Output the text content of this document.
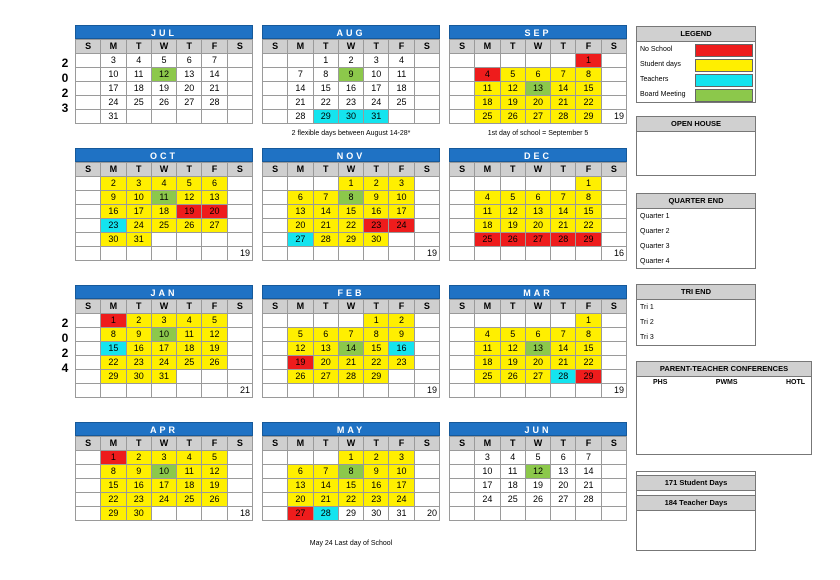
2
0
2
3
2
0
2
4
JUL
S	M	T	W	T	F	S
	3	4	5	6	7	
	10	11	12	13	14	
	17	18	19	20	21	
	24	25	26	27	28	
	31					
AUG
S	M	T	W	T	F	S
		1	2	3	4	
	7	8	9	10	11	
	14	15	16	17	18	
	21	22	23	24	25	
	28	29	30	31		
SEP
S	M	T	W	T	F	S
					1	
	4	5	6	7	8	
	11	12	13	14	15	
	18	19	20	21	22	
	25	26	27	28	29	19
OCT
S	M	T	W	T	F	S
	2	3	4	5	6	
	9	10	11	12	13	
	16	17	18	19	20	
	23	24	25	26	27	
	30	31				
						19
NOV
S	M	T	W	T	F	S
			1	2	3	
	6	7	8	9	10	
	13	14	15	16	17	
	20	21	22	23	24	
	27	28	29	30		
						19
DEC
S	M	T	W	T	F	S
					1	
	4	5	6	7	8	
	11	12	13	14	15	
	18	19	20	21	22	
	25	26	27	28	29	
						16
JAN
S	M	T	W	T	F	S
	1	2	3	4	5	
	8	9	10	11	12	
	15	16	17	18	19	
	22	23	24	25	26	
	29	30	31			
						21
FEB
S	M	T	W	T	F	S
				1	2	
	5	6	7	8	9	
	12	13	14	15	16	
	19	20	21	22	23	
	26	27	28	29		
						19
MAR
S	M	T	W	T	F	S
					1	
	4	5	6	7	8	
	11	12	13	14	15	
	18	19	20	21	22	
	25	26	27	28	29	
						19
APR
S	M	T	W	T	F	S
	1	2	3	4	5	
	8	9	10	11	12	
	15	16	17	18	19	
	22	23	24	25	26	
	29	30				18
MAY
S	M	T	W	T	F	S
			1	2	3	
	6	7	8	9	10	
	13	14	15	16	17	
	20	21	22	23	24	
	27	28	29	30	31	20
JUN
S	M	T	W	T	F	S
	3	4	5	6	7	
	10	11	12	13	14	
	17	18	19	20	21	
	24	25	26	27	28	

2 flexible days between August 14-28*	1st day of school = September 5
May 24 Last day of School
LEGEND
No School
Student days
Teachers
Board Meeting
OPEN HOUSE
QUARTER END
Quarter 1
Quarter 2
Quarter 3
Quarter 4
TRI END
Tri 1
Tri 2
Tri 3
PARENT-TEACHER CONFERENCES
PHS	PWMS	HOTL
171 Student Days
184 Teacher Days
